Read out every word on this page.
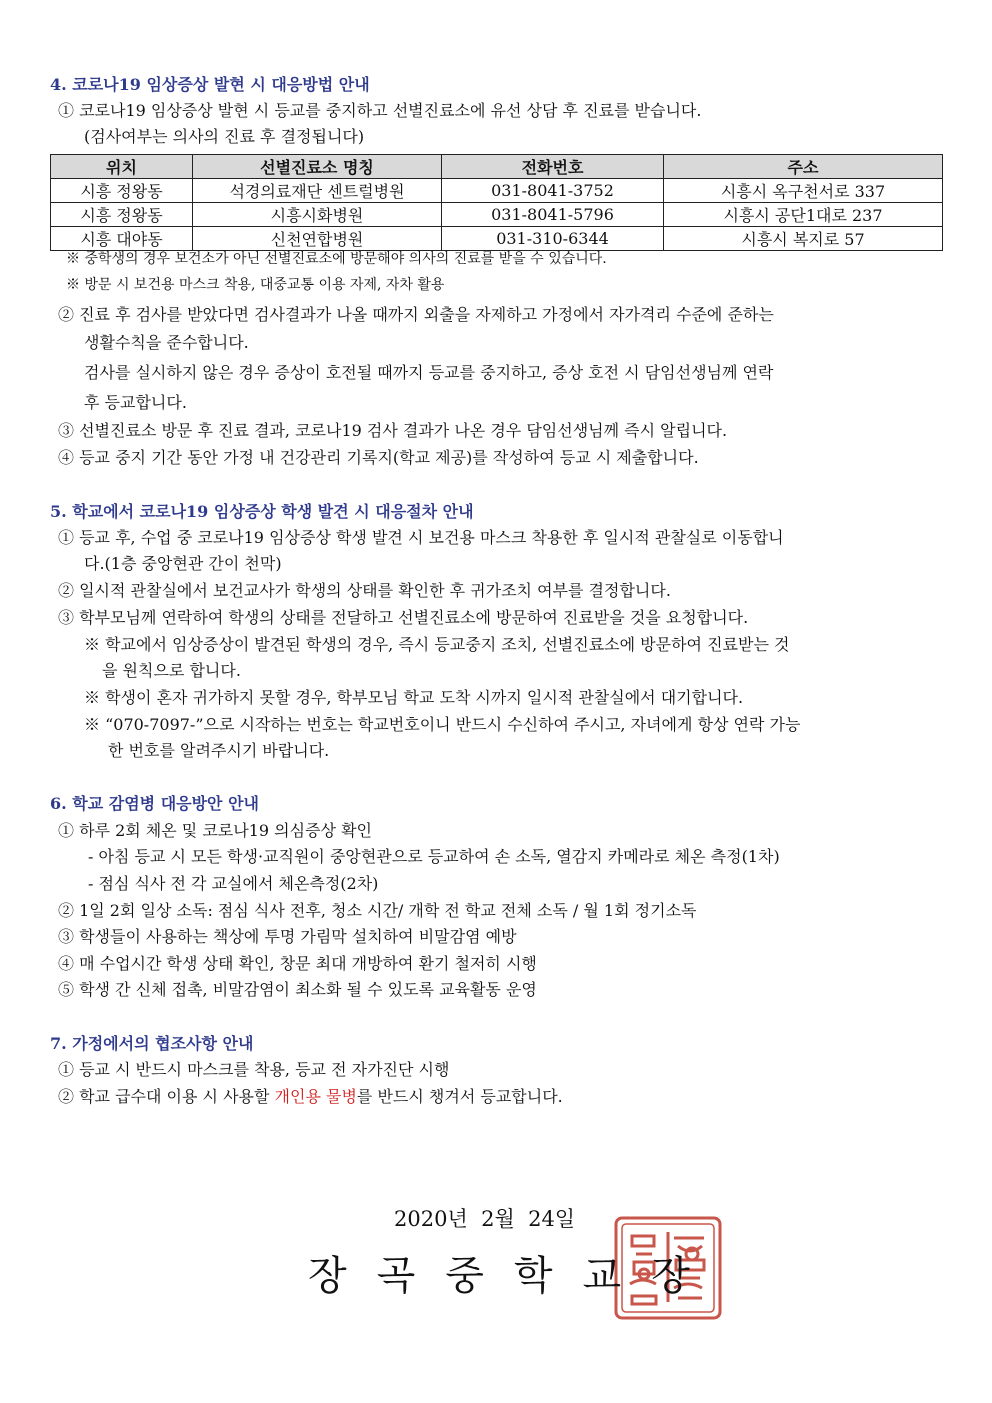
4. 코로나19 임상증상 발현 시 대응방법 안내
① 코로나19 임상증상 발현 시 등교를 중지하고 선별진료소에 유선 상담 후 진료를 받습니다.
(검사여부는 의사의 진료 후 결정됩니다)
위치	선별진료소 명칭	전화번호	주소
시흥 정왕동	석경의료재단 센트럴병원	031-8041-3752	시흥시 옥구천서로 337
시흥 정왕동	시흥시화병원	031-8041-5796	시흥시 공단1대로 237
시흥 대야동	신천연합병원	031-310-6344	시흥시 복지로 57
※ 중학생의 경우 보건소가 아닌 선별진료소에 방문해야 의사의 진료를 받을 수 있습니다.
※ 방문 시 보건용 마스크 착용, 대중교통 이용 자제, 자차 활용
② 진료 후 검사를 받았다면 검사결과가 나올 때까지 외출을 자제하고 가정에서 자가격리 수준에 준하는
생활수칙을 준수합니다.
검사를 실시하지 않은 경우 증상이 호전될 때까지 등교를 중지하고, 증상 호전 시 담임선생님께 연락
후 등교합니다.
③ 선별진료소 방문 후 진료 결과, 코로나19 검사 결과가 나온 경우 담임선생님께 즉시 알립니다.
④ 등교 중지 기간 동안 가정 내 건강관리 기록지(학교 제공)를 작성하여 등교 시 제출합니다.
5. 학교에서 코로나19 임상증상 학생 발견 시 대응절차 안내
① 등교 후, 수업 중 코로나19 임상증상 학생 발견 시 보건용 마스크 착용한 후 일시적 관찰실로 이동합니
다.(1층 중앙현관 간이 천막)
② 일시적 관찰실에서 보건교사가 학생의 상태를 확인한 후 귀가조치 여부를 결정합니다.
③ 학부모님께 연락하여 학생의 상태를 전달하고 선별진료소에 방문하여 진료받을 것을 요청합니다.
※ 학교에서 임상증상이 발견된 학생의 경우, 즉시 등교중지 조치, 선별진료소에 방문하여 진료받는 것
을 원칙으로 합니다.
※ 학생이 혼자 귀가하지 못할 경우, 학부모님 학교 도착 시까지 일시적 관찰실에서 대기합니다.
※ “070-7097-”으로 시작하는 번호는 학교번호이니 반드시 수신하여 주시고, 자녀에게 항상 연락 가능
한 번호를 알려주시기 바랍니다.
6. 학교 감염병 대응방안 안내
① 하루 2회 체온 및 코로나19 의심증상 확인
- 아침 등교 시 모든 학생·교직원이 중앙현관으로 등교하여 손 소독, 열감지 카메라로 체온 측정(1차)
- 점심 식사 전 각 교실에서 체온측정(2차)
② 1일 2회 일상 소독: 점심 식사 전후, 청소 시간/ 개학 전 학교 전체 소독 / 월 1회 정기소독
③ 학생들이 사용하는 책상에 투명 가림막 설치하여 비말감염 예방
④ 매 수업시간 학생 상태 확인, 창문 최대 개방하여 환기 철저히 시행
⑤ 학생 간 신체 접촉, 비말감염이 최소화 될 수 있도록 교육활동 운영
7. 가정에서의 협조사항 안내
① 등교 시 반드시 마스크를 착용, 등교 전 자가진단 시행
② 학교 급수대 이용 시 사용할 개인용 물병를 반드시 챙겨서 등교합니다.
2020년  2월  24일
장곡중학교장
